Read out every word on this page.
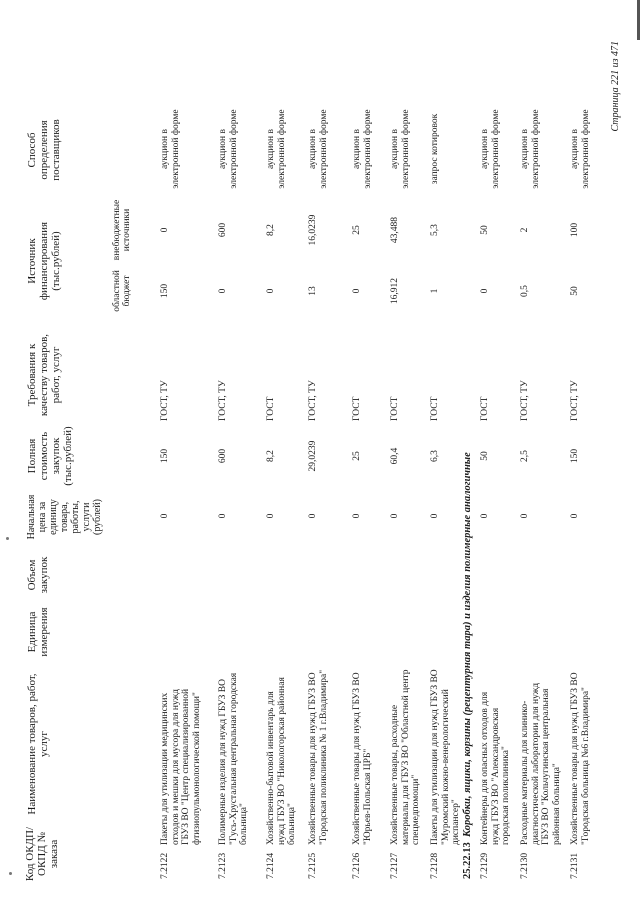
Код ОКДП/ ОКПД № заказа
Наименование товаров, работ, услуг
Единица измерения
Объем закупок
Начальная цена за единицу товара, работы, услуги (рублей)
Полная стоимость закупок (тыс.рублей)
Требования к качеству товаров, работ, услуг
Источник финансирования (тыс.рублей)
областной бюджет
внебюджетные источники
Способ определения поставщиков
7.2122
Пакеты для утилизации медицинских отходов и мешки для мусора для нужд ГБУЗ ВО "Центр специализированной фтизиопульмонологической помощи"
0
150
ГОСТ, ТУ
150
0
аукцион в электронной форме
7.2123
Полимерные изделия для нужд ГБУЗ ВО "Гусь-Хрустальная центральная городская больница"
0
600
ГОСТ, ТУ
0
600
аукцион в электронной форме
7.2124
Хозяйственно-бытовой инвентарь для нужд ГБУЗ ВО "Никологорская районная больница"
0
8,2
ГОСТ
0
8,2
аукцион в электронной форме
7.2125
Хозяйственные товары для нужд ГБУЗ ВО "Городская поликлиника № 1 г.Владимира"
0
29,0239
ГОСТ, ТУ
13
16,0239
аукцион в электронной форме
7.2126
Хозяйственные товары для нужд ГБУЗ ВО "Юрьев-Польская ЦРБ"
0
25
ГОСТ
0
25
аукцион в электронной форме
7.2127
Хозяйственные товары, расходные материалы для ГБУЗ ВО "Областной центр спецмедпомощи"
0
60,4
ГОСТ
16,912
43,488
аукцион в электронной форме
7.2128
Пакеты для утилизации для нужд ГБУЗ ВО "Муромский кожно-венерологический диспансер"
0
6,3
ГОСТ
1
5,3
запрос котировок
7.2129
Контейнеры для опасных отходов для нужд ГБУЗ ВО "Александровская городская поликлиника"
0
50
ГОСТ
0
50
аукцион в электронной форме
7.2130
Расходные материалы для клинико-диагностической лаборатории для нужд ГБУЗ ВО "Кольчугинская центральная районная больница"
0
2,5
ГОСТ, ТУ
0,5
2
аукцион в электронной форме
7.2131
Хозяйственные товары для нужд ГБУЗ ВО "Городская больница №6 г.Владимира"
0
150
ГОСТ, ТУ
50
100
аукцион в электронной форме
25.22.13Коробки, ящики, корзины (рецептурная тара) и изделия полимерные аналогичные
Страница 221 из 471
